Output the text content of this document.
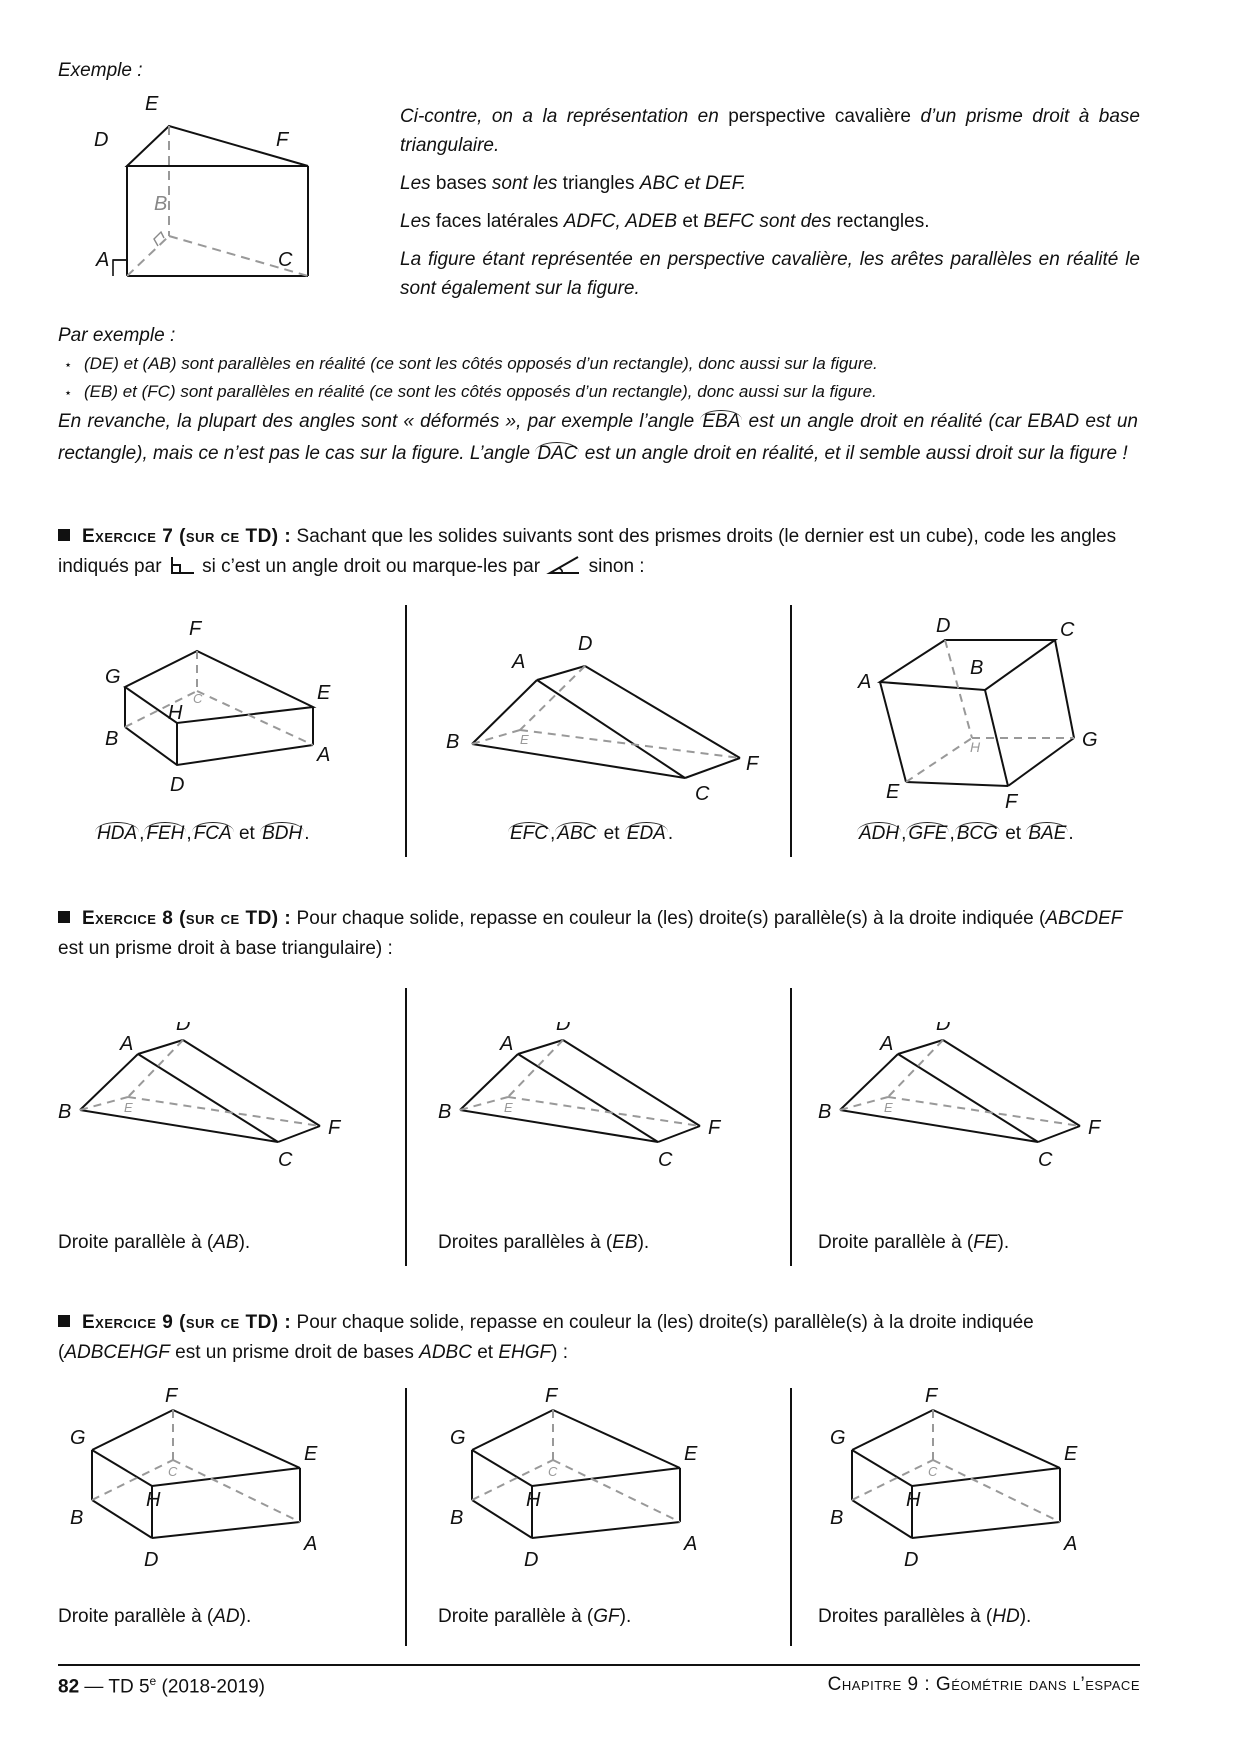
Exemple :
E
D	F
B
A	C
Ci-contre, on a la représentation en perspective cavalière d’un prisme droit à base triangulaire.
Les bases sont les triangles ABC et DEF.
Les faces latérales ADFC, ADEB et BEFC sont des rectangles.
La figure étant représentée en perspective cavalière, les arêtes parallèles en réalité le sont également sur la figure.
Par exemple :
⋆ (DE) et (AB) sont parallèles en réalité (ce sont les côtés opposés d’un rectangle), donc aussi sur la figure.
⋆ (EB) et (FC) sont parallèles en réalité (ce sont les côtés opposés d’un rectangle), donc aussi sur la figure.
En revanche, la plupart des angles sont « déformés », par exemple l’angle EBA est un angle droit en réalité (car EBAD est un rectangle), mais ce n’est pas le cas sur la figure. L’angle DAC est un angle droit en réalité, et il semble aussi droit sur la figure !
Exercice 7 (sur ce TD) : Sachant que les solides suivants sont des prismes droits (le dernier est un cube), code les angles indiqués par  si c’est un angle droit ou marque-les par  sinon :
F
G
E
C
H
B
A
D
D
A
B	E
F
C
D	C
A
B
H	G
E	F
HDA , FEH , FCA et BDH .	EFC , ABC et EDA .	ADH , GFE , BCG et BAE .
Exercice 8 (sur ce TD) : Pour chaque solide, repasse en couleur la (les) droite(s) parallèle(s) à la droite indiquée (ABCDEF est un prisme droit à base triangulaire) :
D
A
B	E
F
C
D
A
B	E
F
C
D
A
B	E
F
C
Droite parallèle à (AB).	Droites parallèles à (EB).	Droite parallèle à (FE).
Exercice 9 (sur ce TD) : Pour chaque solide, repasse en couleur la (les) droite(s) parallèle(s) à la droite indiquée (ADBCEHGF est un prisme droit de bases ADBC et EHGF) :
F
G
E
C
H
B
A
D
F
G
E
C
H
B
A
D
F
G
E
C
H
B
A
D
Droite parallèle à (AD).	Droite parallèle à (GF).	Droites parallèles à (HD).
82 — TD 5e (2018-2019)	Chapitre 9 : Géométrie dans l’espace
